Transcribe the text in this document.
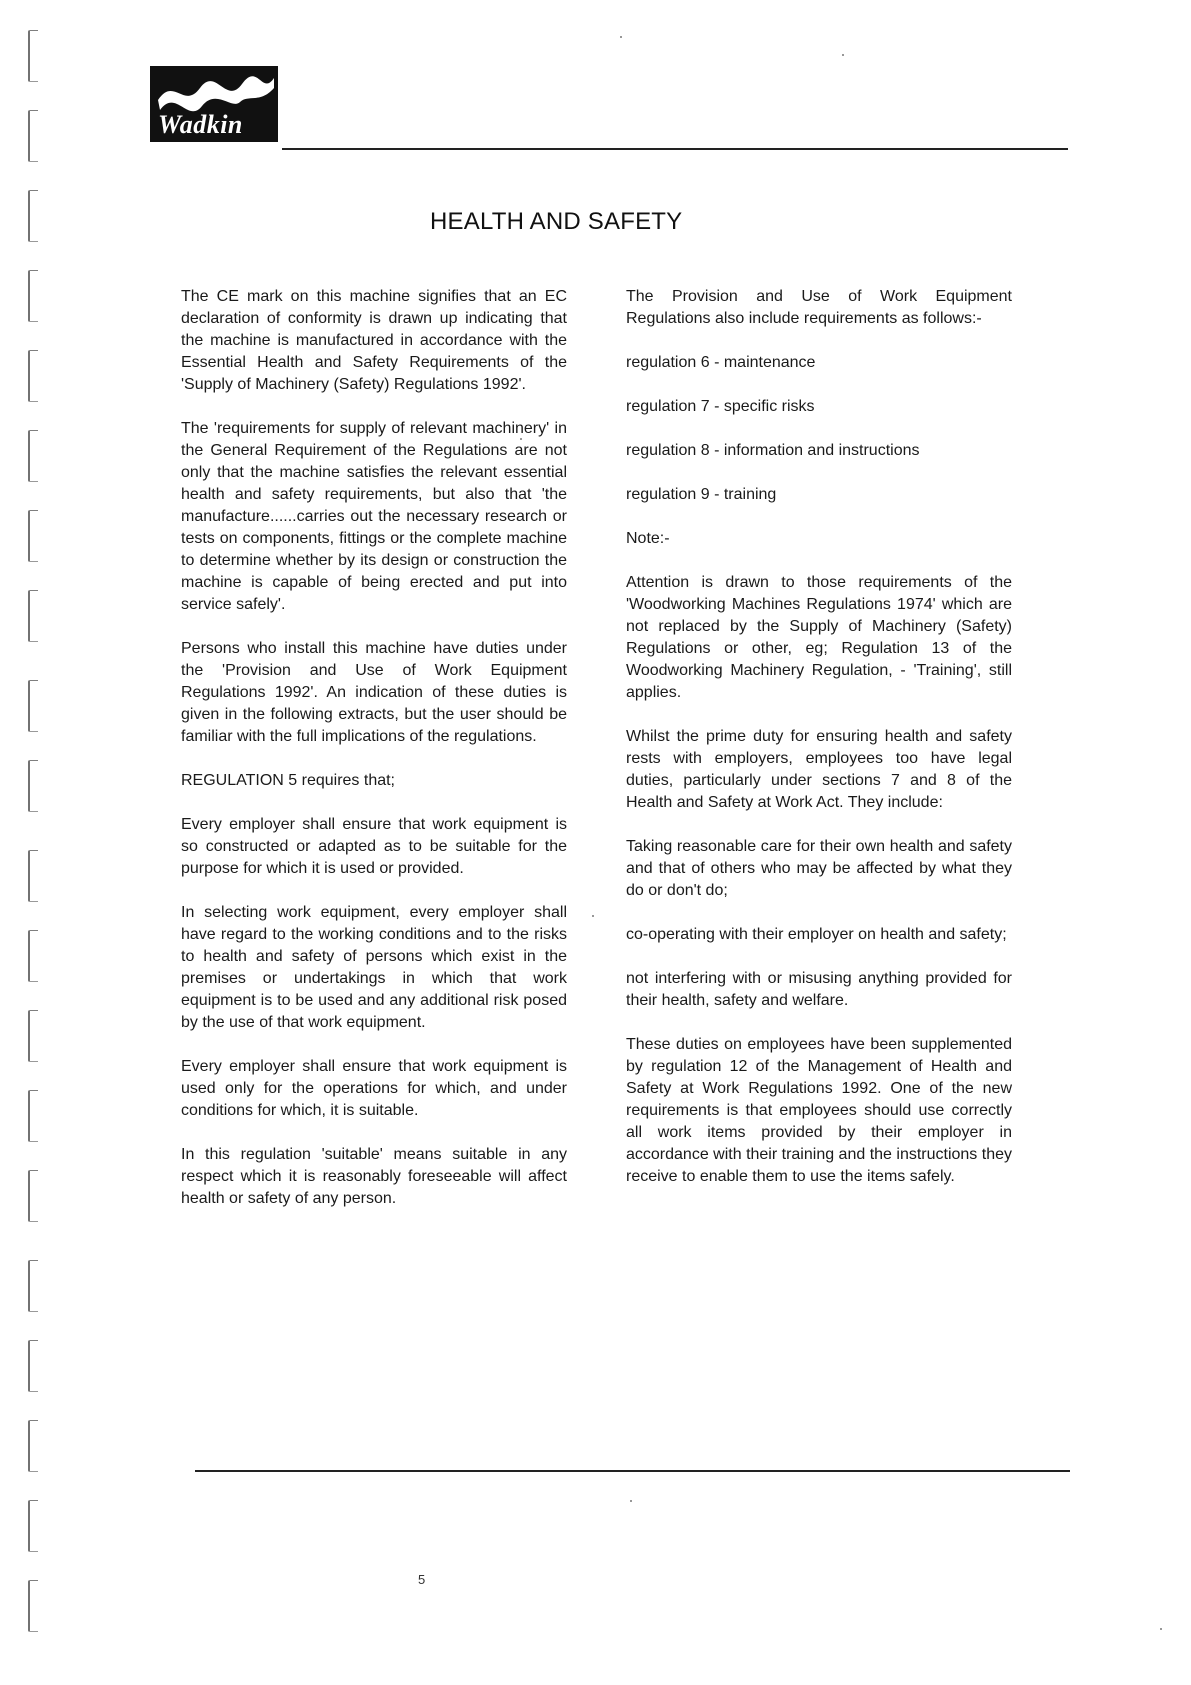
Wadkin
HEALTH AND SAFETY

The CE mark on this machine signifies that an EC declaration of conformity is drawn up indicating that the machine is manufactured in accordance with the Essential Health and Safety Requirements of the 'Supply of Machinery (Safety) Regulations 1992'.

The 'requirements for supply of relevant machinery' in the General Requirement of the Regulations are not only that the machine satisfies the relevant essential health and safety requirements, but also that 'the manufacture......carries out the necessary research or tests on components, fittings or the complete machine to determine whether by its design or construction the machine is capable of being erected and put into service safely'.

Persons who install this machine have duties under the 'Provision and Use of Work Equipment Regulations 1992'. An indication of these duties is given in the following extracts, but the user should be familiar with the full implications of the regulations.

REGULATION 5 requires that;

Every employer shall ensure that work equipment is so constructed or adapted as to be suitable for the purpose for which it is used or provided.

In selecting work equipment, every employer shall have regard to the working conditions and to the risks to health and safety of persons which exist in the premises or undertakings in which that work equipment is to be used and any additional risk posed by the use of that work equipment.

Every employer shall ensure that work equipment is used only for the operations for which, and under conditions for which, it is suitable.

In this regulation 'suitable' means suitable in any respect which it is reasonably foreseeable will affect health or safety of any person.

The Provision and Use of Work Equipment Regulations also include requirements as follows:-

regulation 6 - maintenance

regulation 7 - specific risks

regulation 8 - information and instructions

regulation 9 - training

Note:-

Attention is drawn to those requirements of the 'Woodworking Machines Regulations 1974' which are not replaced by the Supply of Machinery (Safety) Regulations or other, eg; Regulation 13 of the Woodworking Machinery Regulation, - 'Training', still applies.

Whilst the prime duty for ensuring health and safety rests with employers, employees too have legal duties, particularly under sections 7 and 8 of the Health and Safety at Work Act. They include:

Taking reasonable care for their own health and safety and that of others who may be affected by what they do or don't do;

co-operating with their employer on health and safety;

not interfering with or misusing anything provided for their health, safety and welfare.

These duties on employees have been supplemented by regulation 12 of the Management of Health and Safety at Work Regulations 1992. One of the new requirements is that employees should use correctly all work items provided by their employer in accordance with their training and the instructions they receive to enable them to use the items safely.

5
